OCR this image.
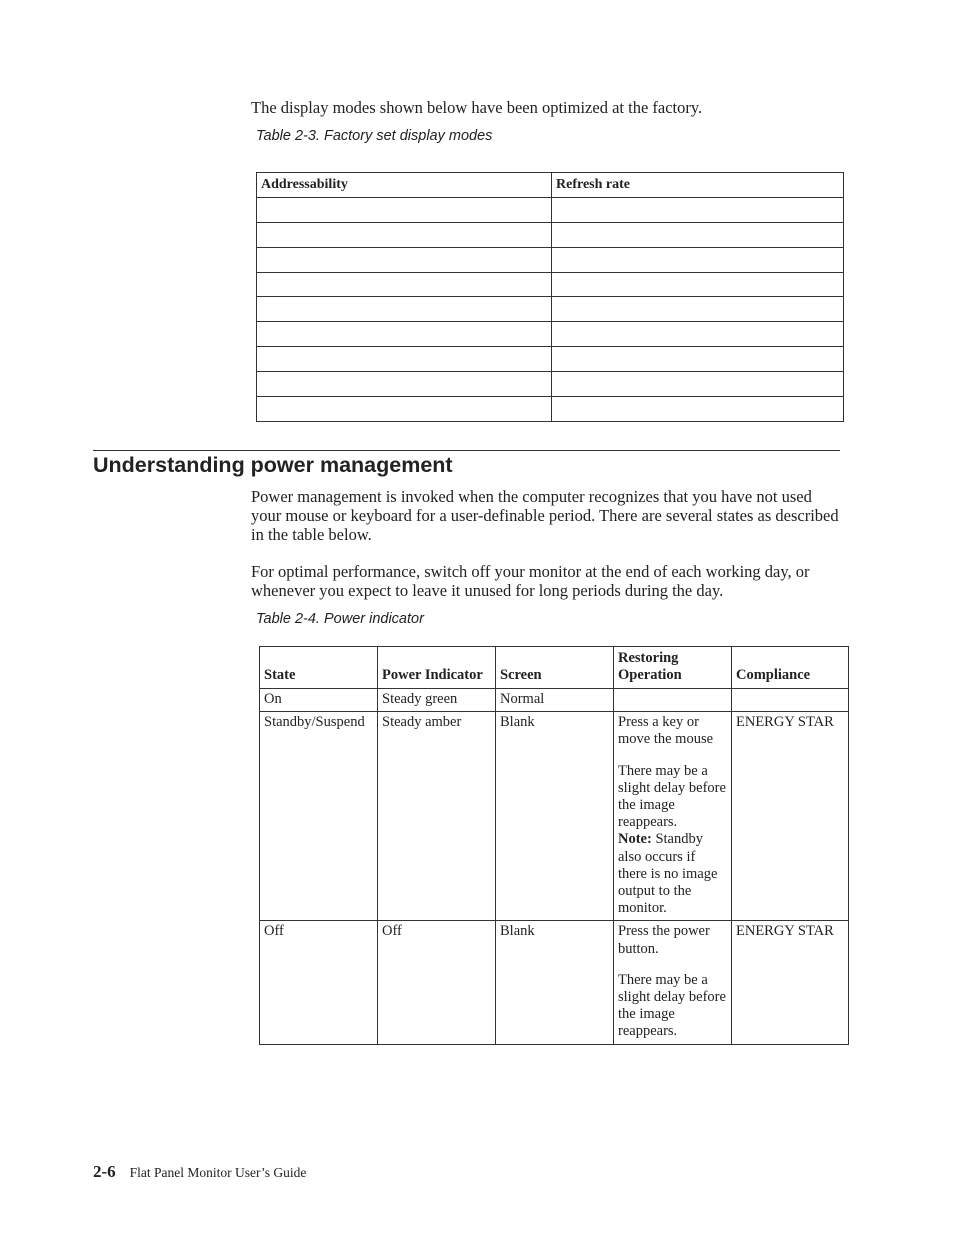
The display modes shown below have been optimized at the factory.
Table 2-3. Factory set display modes
Addressability	Refresh rate

Understanding power management
Power management is invoked when the computer recognizes that you have not used your mouse or keyboard for a user-definable period. There are several states as described in the table below.
For optimal performance, switch off your monitor at the end of each working day, or whenever you expect to leave it unused for long periods during the day.
Table 2-4. Power indicator
State	Power Indicator	Screen	Restoring Operation	Compliance
On	Steady green	Normal		
Standby/Suspend	Steady amber	Blank	Press a key or move the mouse

There may be a slight delay before the image reappears.

Note: Standby also occurs if there is no image output to the monitor.	ENERGY STAR
Off	Off	Blank	Press the power button.

There may be a slight delay before the image reappears.	ENERGY STAR
2-6 Flat Panel Monitor User’s Guide
